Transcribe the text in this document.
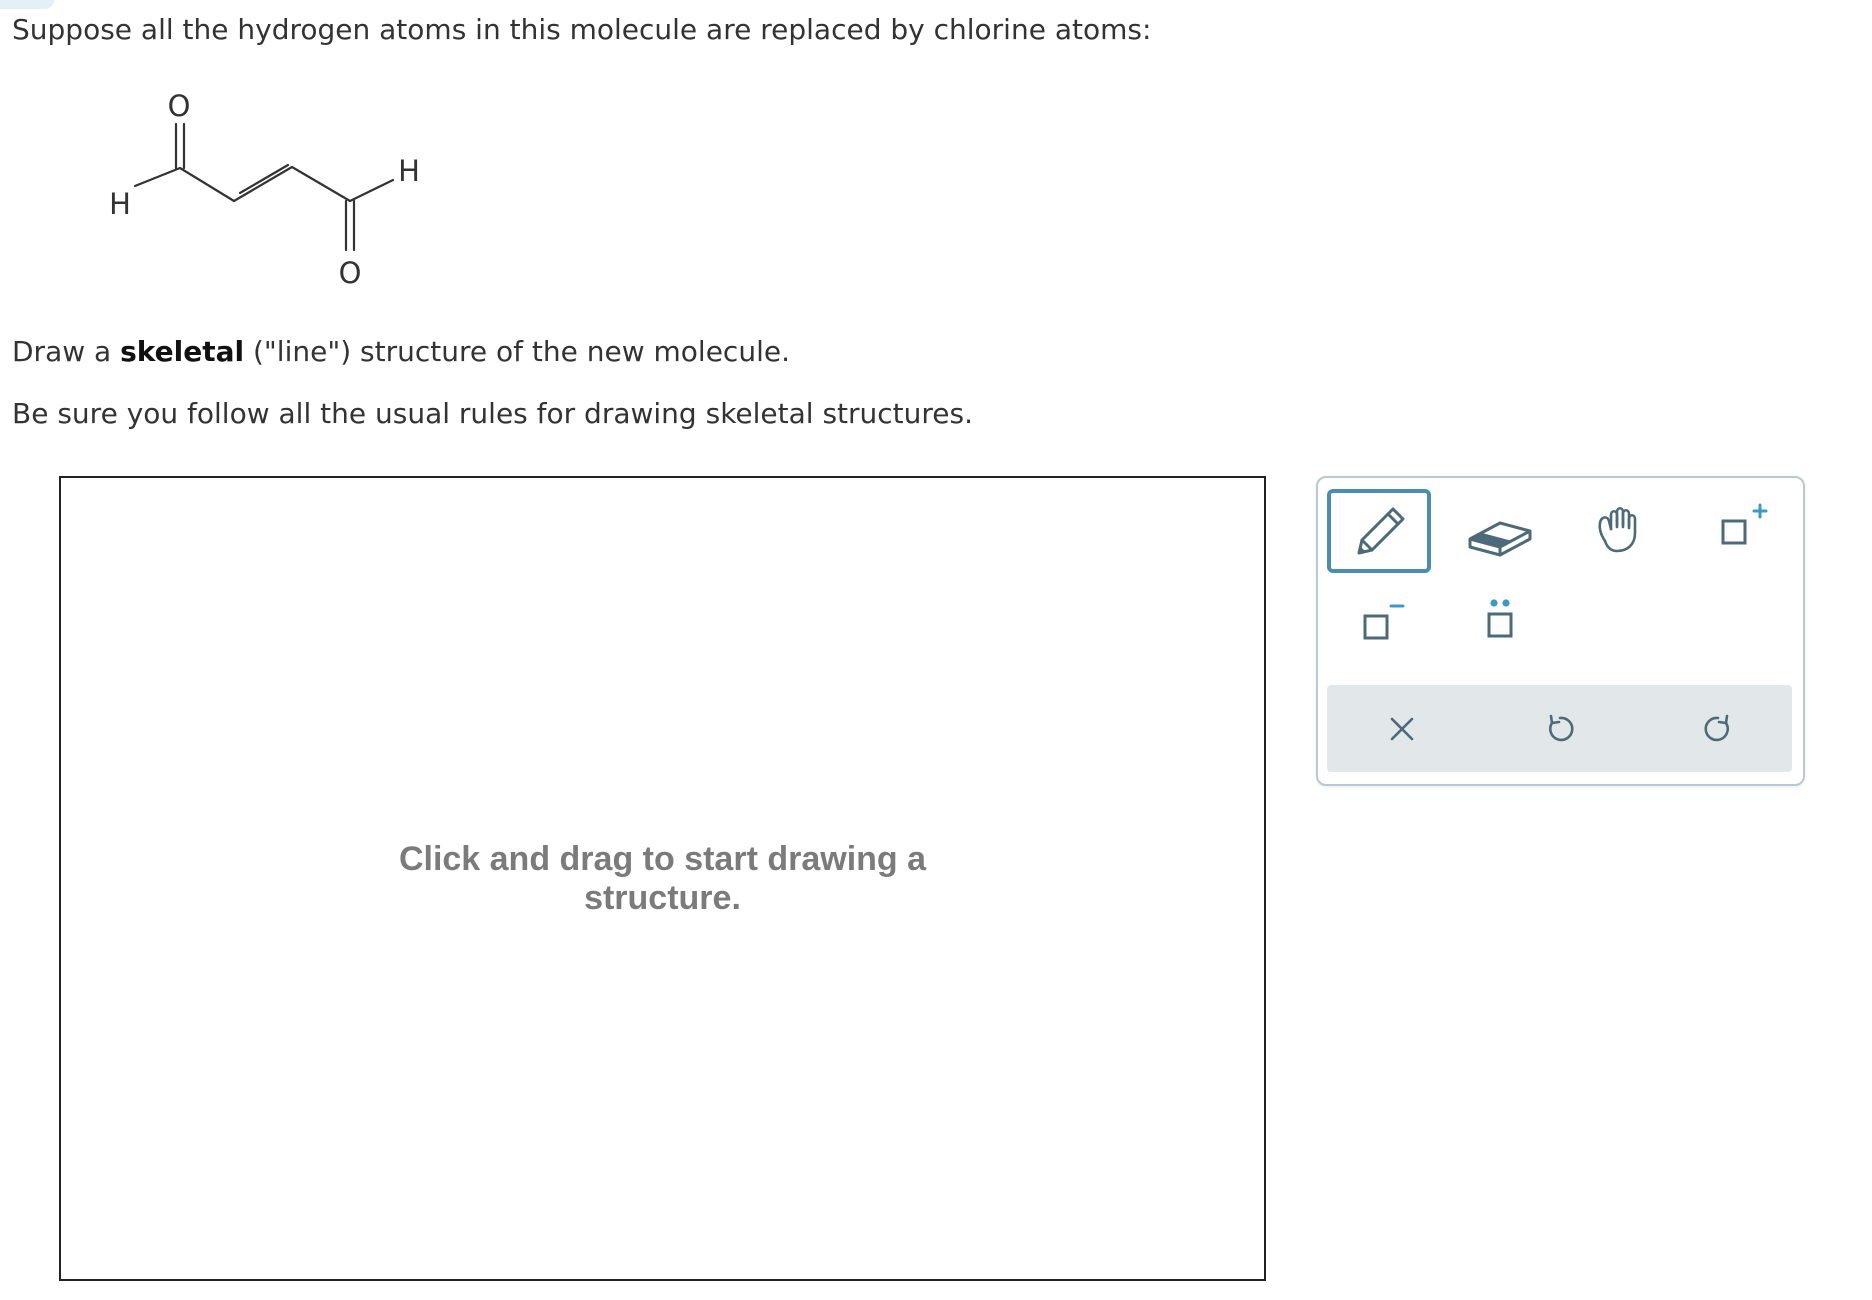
Suppose all the hydrogen atoms in this molecule are replaced by chlorine atoms:
O
H
H
O
Draw a skeletal ("line") structure of the new molecule.
Be sure you follow all the usual rules for drawing skeletal structures.
Click and drag to start drawing a
structure.
